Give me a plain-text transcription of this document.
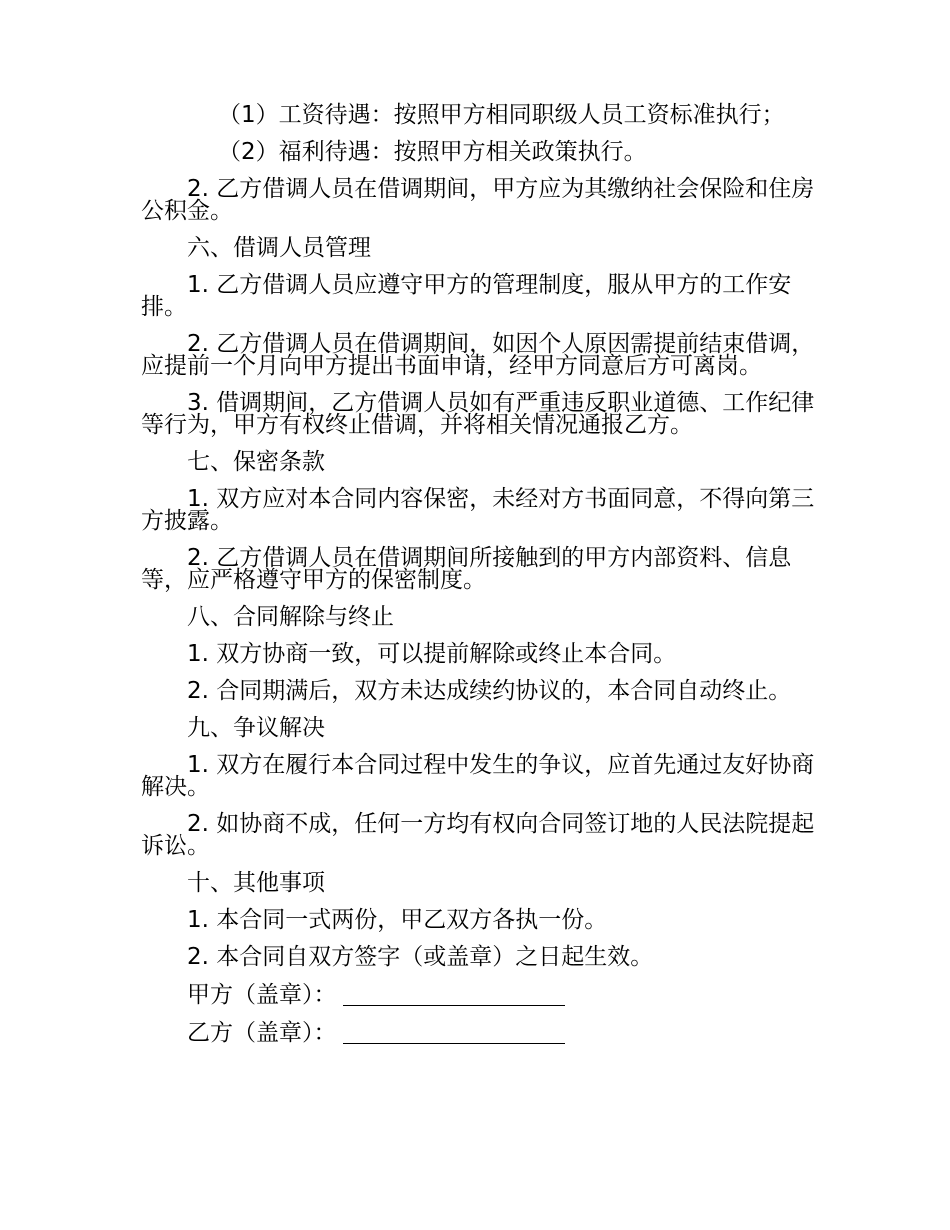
（1）工资待遇：按照甲方相同职级人员工资标准执行；

（2）福利待遇：按照甲方相关政策执行。

2. 乙方借调人员在借调期间，甲方应为其缴纳社会保险和住房公积金。

六、借调人员管理

1. 乙方借调人员应遵守甲方的管理制度，服从甲方的工作安排。

2. 乙方借调人员在借调期间，如因个人原因需提前结束借调，应提前一个月向甲方提出书面申请，经甲方同意后方可离岗。

3. 借调期间，乙方借调人员如有严重违反职业道德、工作纪律等行为，甲方有权终止借调，并将相关情况通报乙方。

七、保密条款

1. 双方应对本合同内容保密，未经对方书面同意，不得向第三方披露。

2. 乙方借调人员在借调期间所接触到的甲方内部资料、信息等，应严格遵守甲方的保密制度。

八、合同解除与终止

1. 双方协商一致，可以提前解除或终止本合同。

2. 合同期满后，双方未达成续约协议的，本合同自动终止。

九、争议解决

1. 双方在履行本合同过程中发生的争议，应首先通过友好协商解决。

2. 如协商不成，任何一方均有权向合同签订地的人民法院提起诉讼。

十、其他事项

1. 本合同一式两份，甲乙双方各执一份。

2. 本合同自双方签字（或盖章）之日起生效。

甲方（盖章）：

乙方（盖章）：
